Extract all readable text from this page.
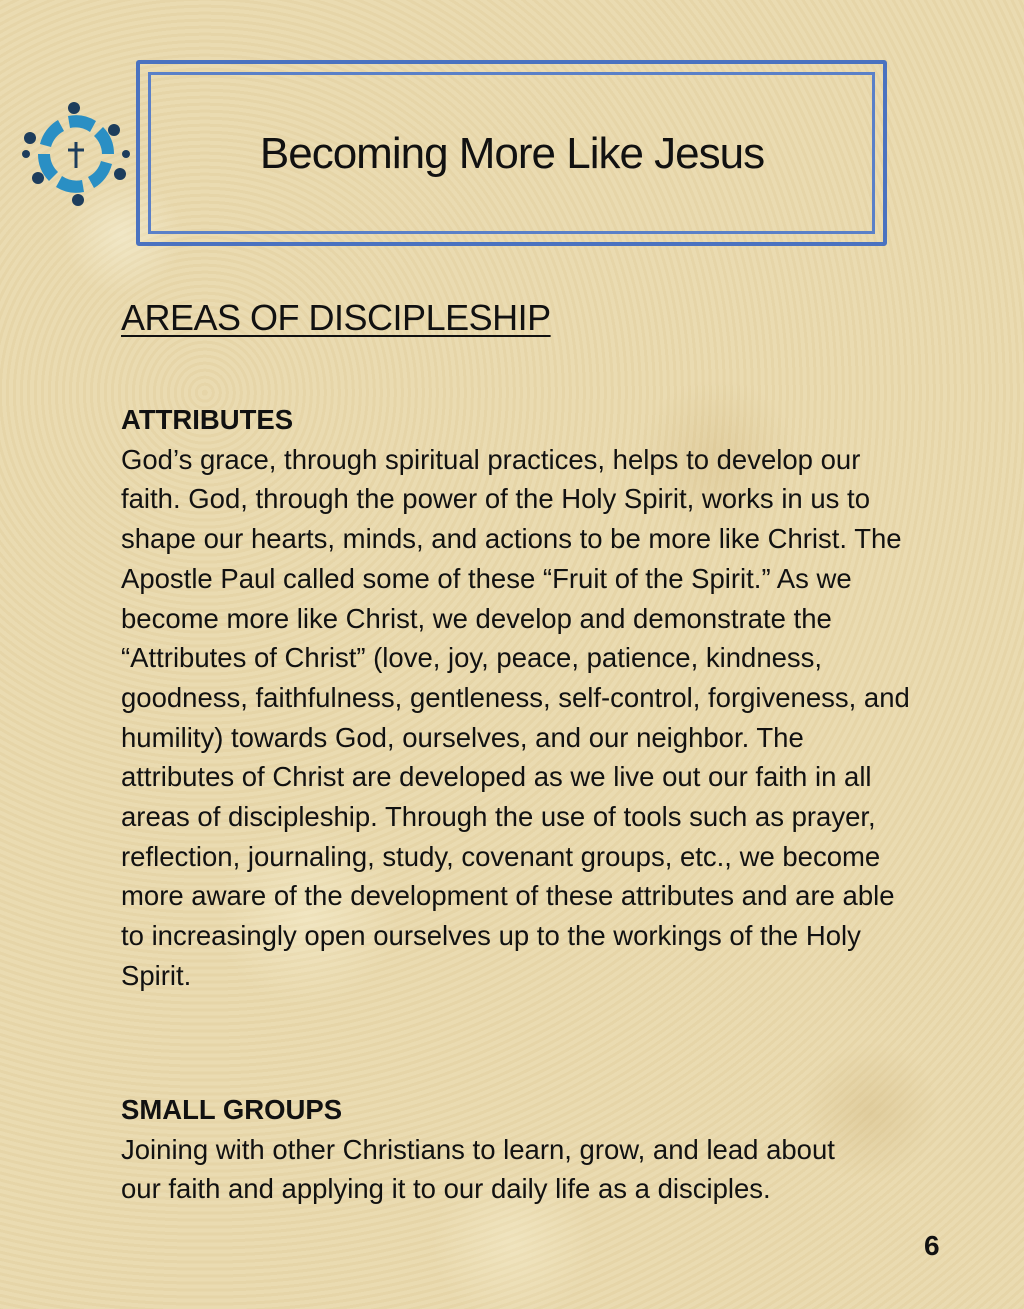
Becoming More Like Jesus
AREAS OF DISCIPLESHIP

ATTRIBUTES

God’s grace, through spiritual practices, helps to develop our faith. God, through the power of the Holy Spirit, works in us to shape our hearts, minds, and actions to be more like Christ. The Apostle Paul called some of these “Fruit of the Spirit.” As we become more like Christ, we develop and demonstrate the “Attributes of Christ” (love, joy, peace, patience, kindness, goodness, faithfulness, gentleness, self-control, forgiveness, and humility) towards God, ourselves, and our neighbor. The attributes of Christ are developed as we live out our faith in all areas of discipleship. Through the use of tools such as prayer, reflection, journaling, study, covenant groups, etc., we become more aware of the development of these attributes and are able to increasingly open ourselves up to the workings of the Holy Spirit.

SMALL GROUPS

Joining with other Christians to learn, grow, and lead about our faith and applying it to our daily life as a disciples.

6
